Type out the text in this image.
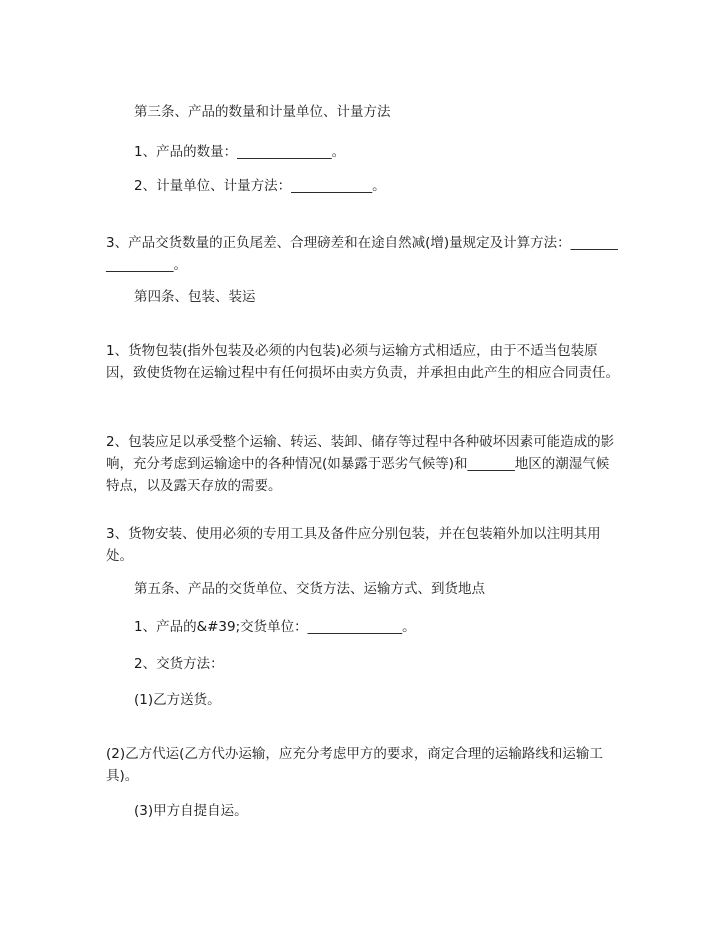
第三条、产品的数量和计量单位、计量方法
1、产品的数量：______________。
2、计量单位、计量方法：____________。
3、产品交货数量的正负尾差、合理磅差和在途自然减(增)量规定及计算方法：_________________。
第四条、包装、装运
1、货物包装(指外包装及必须的内包装)必须与运输方式相适应，由于不适当包装原因，致使货物在运输过程中有任何损坏由卖方负责，并承担由此产生的相应合同责任。
2、包装应足以承受整个运输、转运、装卸、储存等过程中各种破坏因素可能造成的影响，充分考虑到运输途中的各种情况(如暴露于恶劣气候等)和_______地区的潮湿气候特点，以及露天存放的需要。
3、货物安装、使用必须的专用工具及备件应分别包装，并在包装箱外加以注明其用处。
第五条、产品的交货单位、交货方法、运输方式、到货地点
1、产品的&#39;交货单位：______________。
2、交货方法：
(1)乙方送货。
(2)乙方代运(乙方代办运输，应充分考虑甲方的要求，商定合理的运输路线和运输工具)。
(3)甲方自提自运。
